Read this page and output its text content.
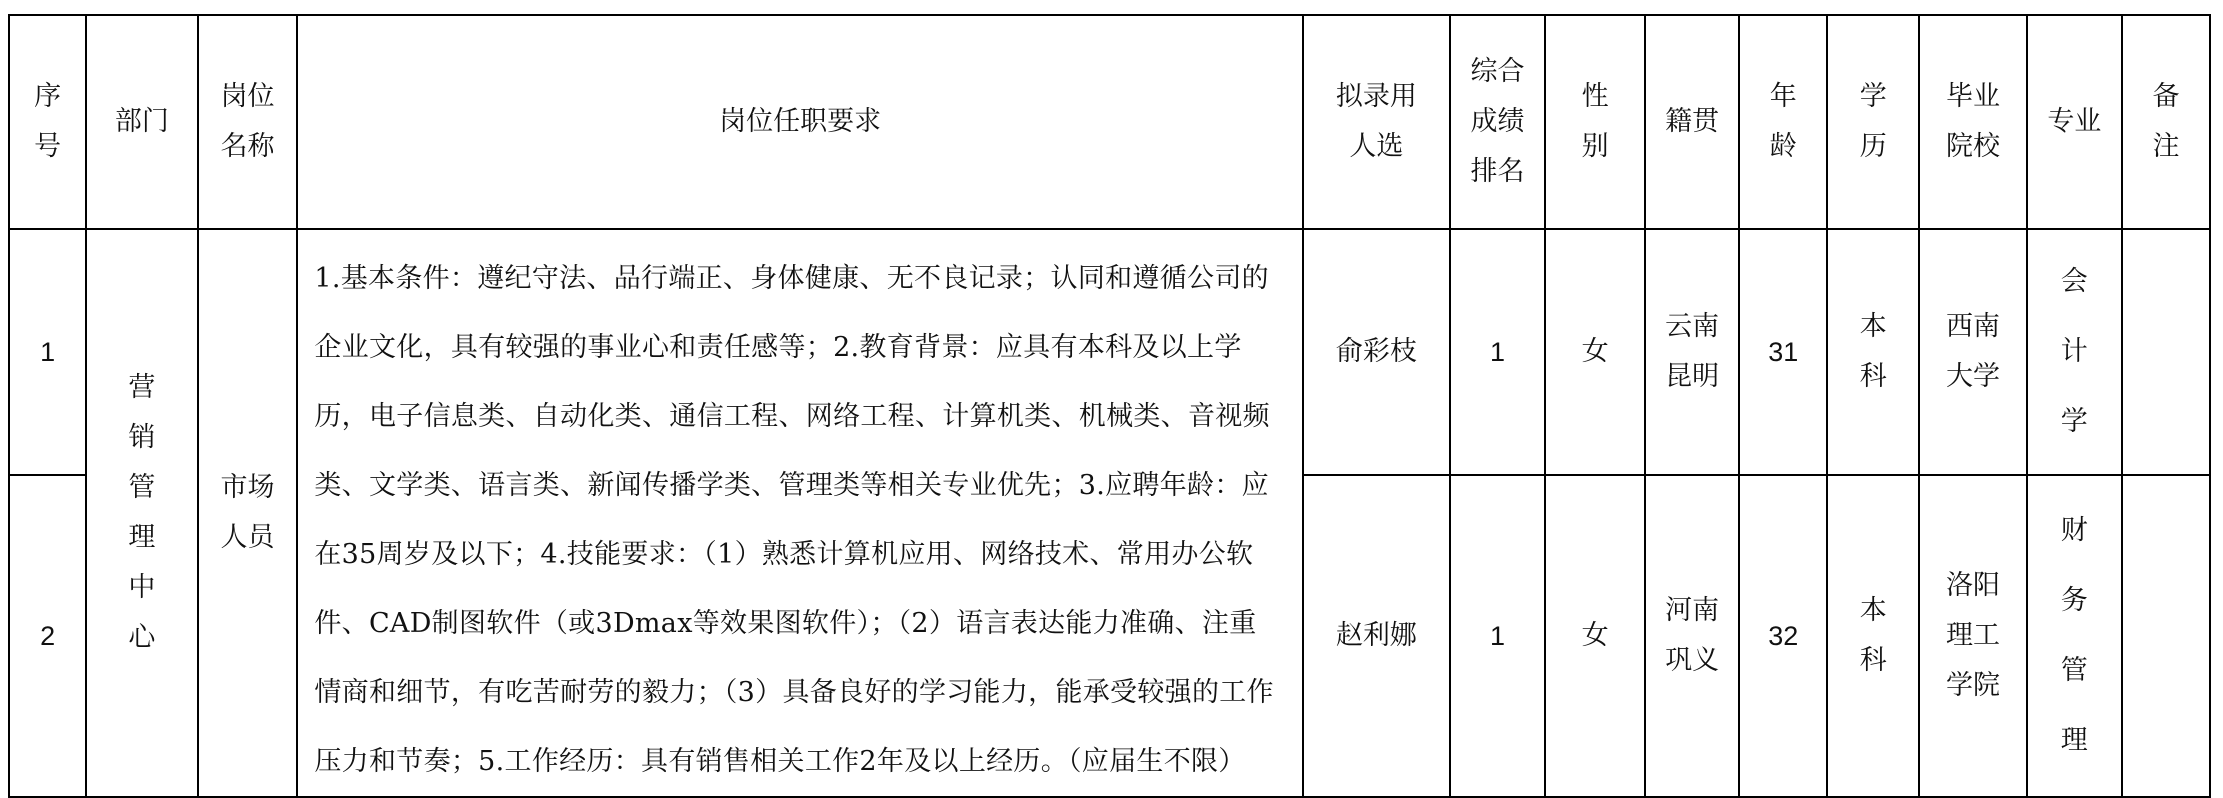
序号	部门	岗位名称	岗位任职要求	拟录用人选	综合成绩排名	性别	籍贯	年龄	学历	毕业院校	专业	备注
1	营销管理中心	市场人员	1.基本条件：遵纪守法、品行端正、身体健康、无不良记录；认同和遵循公司的企业文化，具有较强的事业心和责任感等；2.教育背景：应具有本科及以上学历，电子信息类、自动化类、通信工程、网络工程、计算机类、机械类、音视频类、文学类、语言类、新闻传播学类、管理类等相关专业优先；3.应聘年龄：应在35周岁及以下；4.技能要求：（1）熟悉计算机应用、网络技术、常用办公软件、CAD制图软件（或3Dmax等效果图软件）；（2）语言表达能力准确、注重情商和细节，有吃苦耐劳的毅力；（3）具备良好的学习能力，能承受较强的工作压力和节奏；5.工作经历：具有销售相关工作2年及以上经历。（应届生不限）	俞彩枝	1	女	云南昆明	31	本科	西南大学	会计学	
2				赵利娜	1	女	河南巩义	32	本科	洛阳理工学院	财务管理	
